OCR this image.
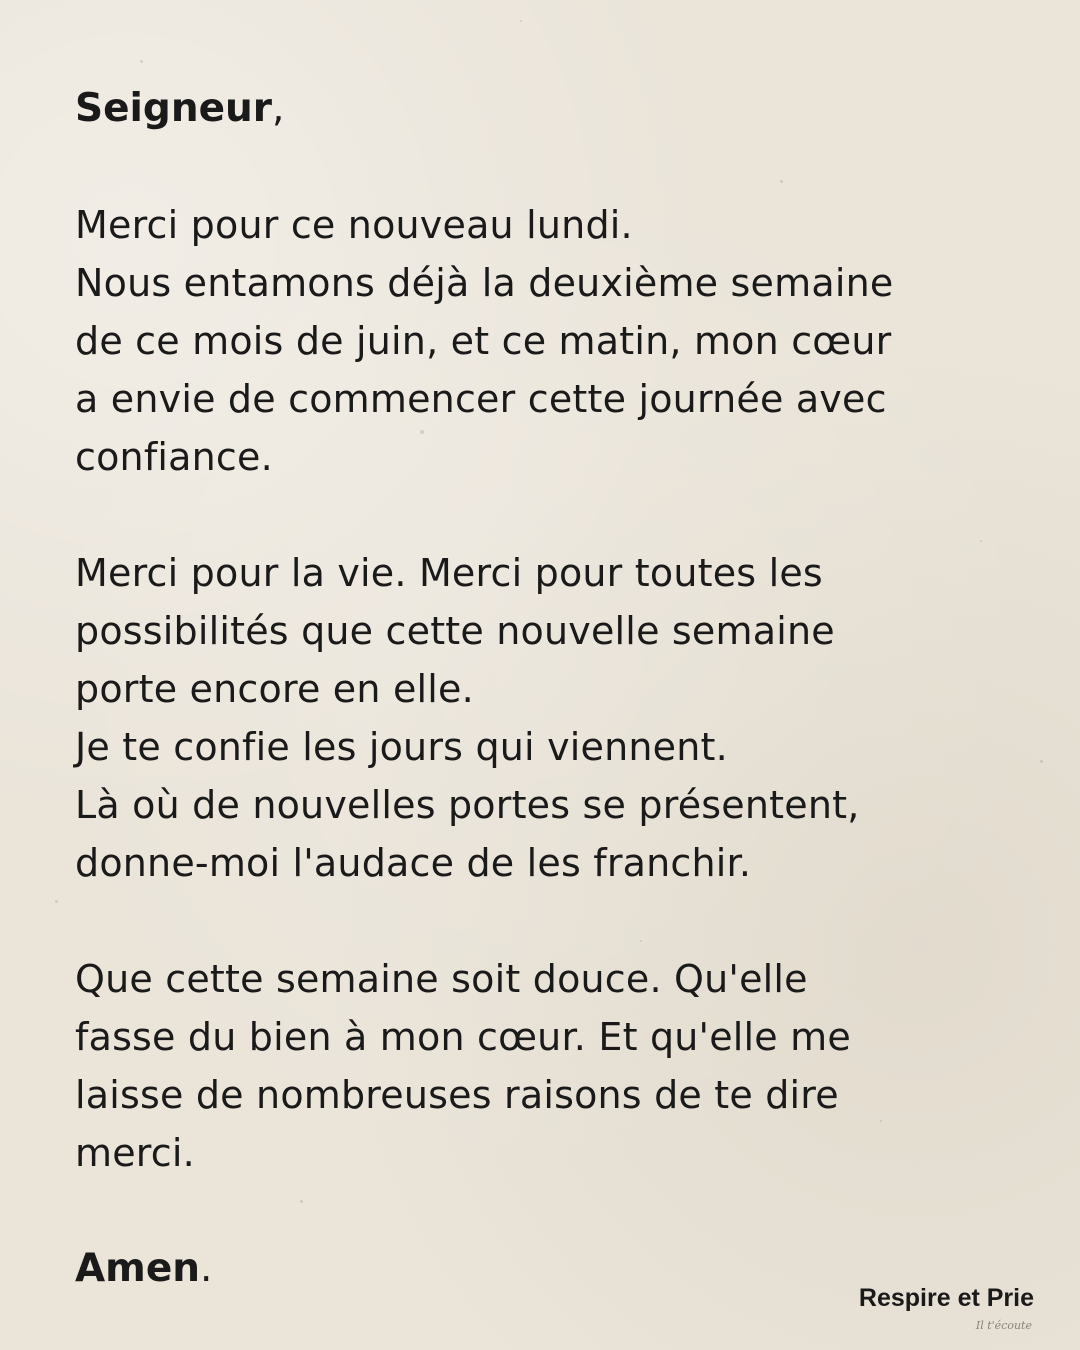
Seigneur,

Merci pour ce nouveau lundi.
Nous entamons déjà la deuxième semaine
de ce mois de juin, et ce matin, mon cœur
a envie de commencer cette journée avec
confiance.

Merci pour la vie. Merci pour toutes les
possibilités que cette nouvelle semaine
porte encore en elle.
Je te confie les jours qui viennent.
Là où de nouvelles portes se présentent,
donne-moi l'audace de les franchir.

Que cette semaine soit douce. Qu'elle
fasse du bien à mon cœur. Et qu'elle me
laisse de nombreuses raisons de te dire
merci.

Amen.

Respire et Prie
Il t'écoute
